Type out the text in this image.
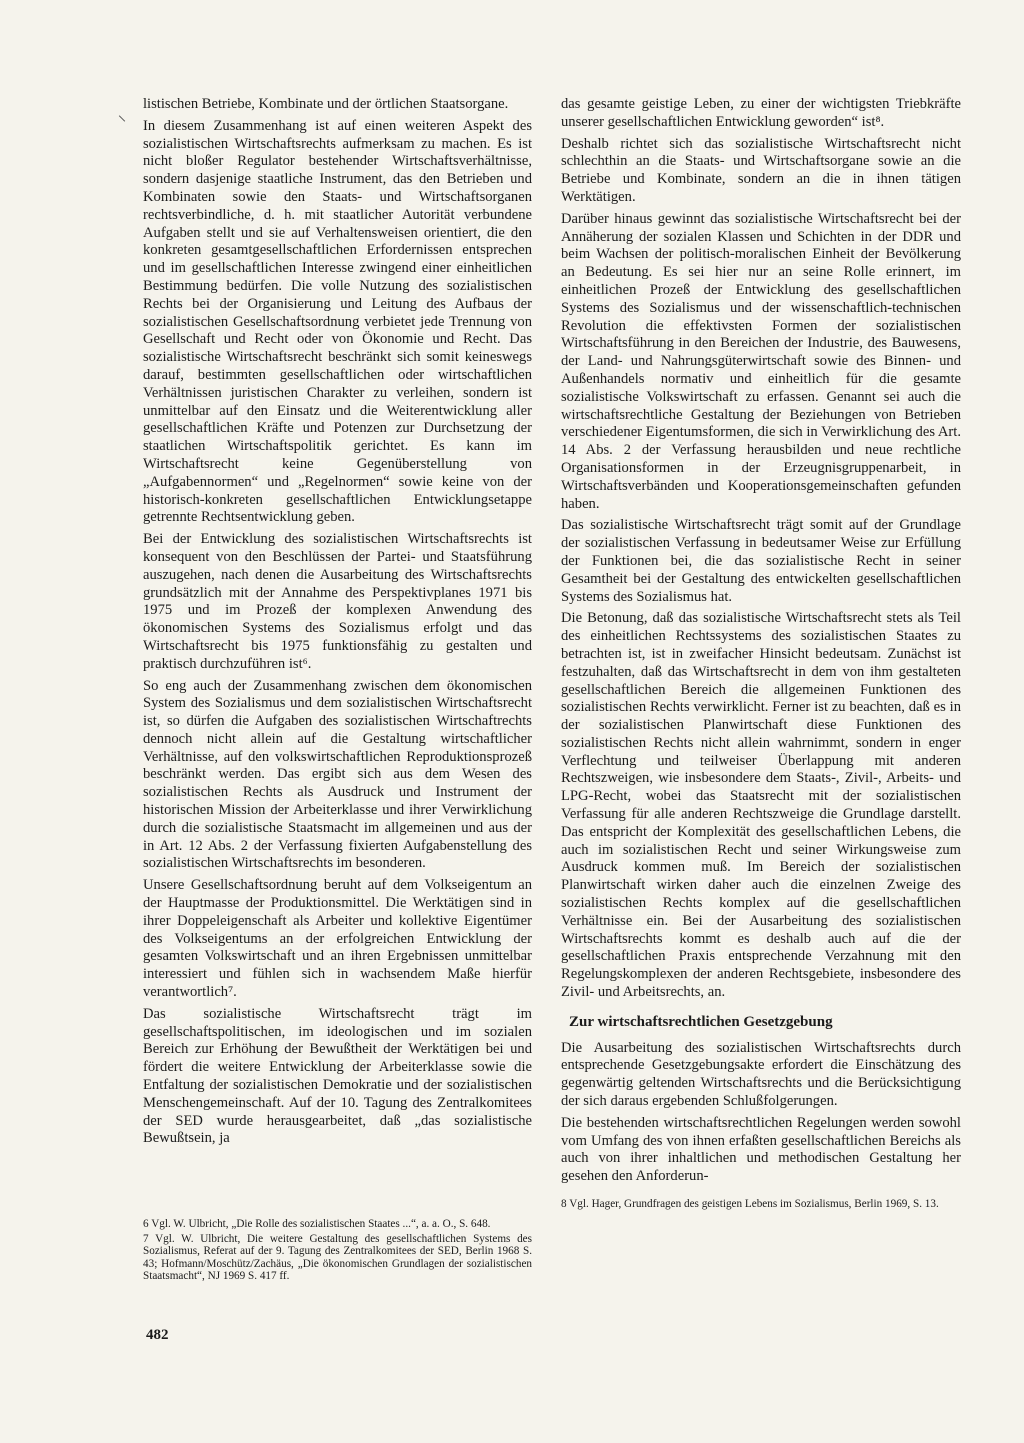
listischen Betriebe, Kombinate und der örtlichen Staatsorgane.

In diesem Zusammenhang ist auf einen weiteren Aspekt des sozialistischen Wirtschaftsrechts aufmerksam zu machen. Es ist nicht bloßer Regulator bestehender Wirtschaftsverhältnisse, sondern dasjenige staatliche Instrument, das den Betrieben und Kombinaten sowie den Staats- und Wirtschaftsorganen rechtsverbindliche, d. h. mit staatlicher Autorität verbundene Aufgaben stellt und sie auf Verhaltensweisen orientiert, die den konkreten gesamtgesellschaftlichen Erfordernissen entsprechen und im gesellschaftlichen Interesse zwingend einer einheitlichen Bestimmung bedürfen. Die volle Nutzung des sozialistischen Rechts bei der Organisierung und Leitung des Aufbaus der sozialistischen Gesellschaftsordnung verbietet jede Trennung von Gesellschaft und Recht oder von Ökonomie und Recht. Das sozialistische Wirtschaftsrecht beschränkt sich somit keineswegs darauf, bestimmten gesellschaftlichen oder wirtschaftlichen Verhältnissen juristischen Charakter zu verleihen, sondern ist unmittelbar auf den Einsatz und die Weiterentwicklung aller gesellschaftlichen Kräfte und Potenzen zur Durchsetzung der staatlichen Wirtschaftspolitik gerichtet. Es kann im Wirtschaftsrecht keine Gegenüberstellung von „Aufgabennormen“ und „Regelnormen“ sowie keine von der historisch-konkreten gesellschaftlichen Entwicklungsetappe getrennte Rechtsentwicklung geben.

Bei der Entwicklung des sozialistischen Wirtschaftsrechts ist konsequent von den Beschlüssen der Partei- und Staatsführung auszugehen, nach denen die Ausarbeitung des Wirtschaftsrechts grundsätzlich mit der Annahme des Perspektivplanes 1971 bis 1975 und im Prozeß der komplexen Anwendung des ökonomischen Systems des Sozialismus erfolgt und das Wirtschaftsrecht bis 1975 funktionsfähig zu gestalten und praktisch durchzuführen ist⁶.

So eng auch der Zusammenhang zwischen dem ökonomischen System des Sozialismus und dem sozialistischen Wirtschaftsrecht ist, so dürfen die Aufgaben des sozialistischen Wirtschaftrechts dennoch nicht allein auf die Gestaltung wirtschaftlicher Verhältnisse, auf den volkswirtschaftlichen Reproduktionsprozeß beschränkt werden. Das ergibt sich aus dem Wesen des sozialistischen Rechts als Ausdruck und Instrument der historischen Mission der Arbeiterklasse und ihrer Verwirklichung durch die sozialistische Staatsmacht im allgemeinen und aus der in Art. 12 Abs. 2 der Verfassung fixierten Aufgabenstellung des sozialistischen Wirtschaftsrechts im besonderen.

Unsere Gesellschaftsordnung beruht auf dem Volkseigentum an der Hauptmasse der Produktionsmittel. Die Werktätigen sind in ihrer Doppeleigenschaft als Arbeiter und kollektive Eigentümer des Volkseigentums an der erfolgreichen Entwicklung der gesamten Volkswirtschaft und an ihren Ergebnissen unmittelbar interessiert und fühlen sich in wachsendem Maße hierfür verantwortlich⁷.

Das sozialistische Wirtschaftsrecht trägt im gesellschaftspolitischen, im ideologischen und im sozialen Bereich zur Erhöhung der Bewußtheit der Werktätigen bei und fördert die weitere Entwicklung der Arbeiterklasse sowie die Entfaltung der sozialistischen Demokratie und der sozialistischen Menschengemeinschaft. Auf der 10. Tagung des Zentralkomitees der SED wurde herausgearbeitet, daß „das sozialistische Bewußtsein, ja

6 Vgl. W. Ulbricht, „Die Rolle des sozialistischen Staates ...“, a. a. O., S. 648.

7 Vgl. W. Ulbricht, Die weitere Gestaltung des gesellschaftlichen Systems des Sozialismus, Referat auf der 9. Tagung des Zentralkomitees der SED, Berlin 1968 S. 43; Hofmann/Moschütz/Zachäus, „Die ökonomischen Grundlagen der sozialistischen Staatsmacht“, NJ 1969 S. 417 ff.

482

das gesamte geistige Leben, zu einer der wichtigsten Triebkräfte unserer gesellschaftlichen Entwicklung geworden“ ist⁸.

Deshalb richtet sich das sozialistische Wirtschaftsrecht nicht schlechthin an die Staats- und Wirtschaftsorgane sowie an die Betriebe und Kombinate, sondern an die in ihnen tätigen Werktätigen.

Darüber hinaus gewinnt das sozialistische Wirtschaftsrecht bei der Annäherung der sozialen Klassen und Schichten in der DDR und beim Wachsen der politisch-moralischen Einheit der Bevölkerung an Bedeutung. Es sei hier nur an seine Rolle erinnert, im einheitlichen Prozeß der Entwicklung des gesellschaftlichen Systems des Sozialismus und der wissenschaftlich-technischen Revolution die effektivsten Formen der sozialistischen Wirtschaftsführung in den Bereichen der Industrie, des Bauwesens, der Land- und Nahrungsgüterwirtschaft sowie des Binnen- und Außenhandels normativ und einheitlich für die gesamte sozialistische Volkswirtschaft zu erfassen. Genannt sei auch die wirtschaftsrechtliche Gestaltung der Beziehungen von Betrieben verschiedener Eigentumsformen, die sich in Verwirklichung des Art. 14 Abs. 2 der Verfassung herausbilden und neue rechtliche Organisationsformen in der Erzeugnisgruppenarbeit, in Wirtschaftsverbänden und Kooperationsgemeinschaften gefunden haben.

Das sozialistische Wirtschaftsrecht trägt somit auf der Grundlage der sozialistischen Verfassung in bedeutsamer Weise zur Erfüllung der Funktionen bei, die das sozialistische Recht in seiner Gesamtheit bei der Gestaltung des entwickelten gesellschaftlichen Systems des Sozialismus hat.

Die Betonung, daß das sozialistische Wirtschaftsrecht stets als Teil des einheitlichen Rechtssystems des sozialistischen Staates zu betrachten ist, ist in zweifacher Hinsicht bedeutsam. Zunächst ist festzuhalten, daß das Wirtschaftsrecht in dem von ihm gestalteten gesellschaftlichen Bereich die allgemeinen Funktionen des sozialistischen Rechts verwirklicht. Ferner ist zu beachten, daß es in der sozialistischen Planwirtschaft diese Funktionen des sozialistischen Rechts nicht allein wahrnimmt, sondern in enger Verflechtung und teilweiser Überlappung mit anderen Rechtszweigen, wie insbesondere dem Staats-, Zivil-, Arbeits- und LPG-Recht, wobei das Staatsrecht mit der sozialistischen Verfassung für alle anderen Rechtszweige die Grundlage darstellt. Das entspricht der Komplexität des gesellschaftlichen Lebens, die auch im sozialistischen Recht und seiner Wirkungsweise zum Ausdruck kommen muß. Im Bereich der sozialistischen Planwirtschaft wirken daher auch die einzelnen Zweige des sozialistischen Rechts komplex auf die gesellschaftlichen Verhältnisse ein. Bei der Ausarbeitung des sozialistischen Wirtschaftsrechts kommt es deshalb auch auf die der gesellschaftlichen Praxis entsprechende Verzahnung mit den Regelungskomplexen der anderen Rechtsgebiete, insbesondere des Zivil- und Arbeitsrechts, an.

Zur wirtschaftsrechtlichen Gesetzgebung

Die Ausarbeitung des sozialistischen Wirtschaftsrechts durch entsprechende Gesetzgebungsakte erfordert die Einschätzung des gegenwärtig geltenden Wirtschaftsrechts und die Berücksichtigung der sich daraus ergebenden Schlußfolgerungen.

Die bestehenden wirtschaftsrechtlichen Regelungen werden sowohl vom Umfang des von ihnen erfaßten gesellschaftlichen Bereichs als auch von ihrer inhaltlichen und methodischen Gestaltung her gesehen den Anforderun-

8 Vgl. Hager, Grundfragen des geistigen Lebens im Sozialismus, Berlin 1969, S. 13.
